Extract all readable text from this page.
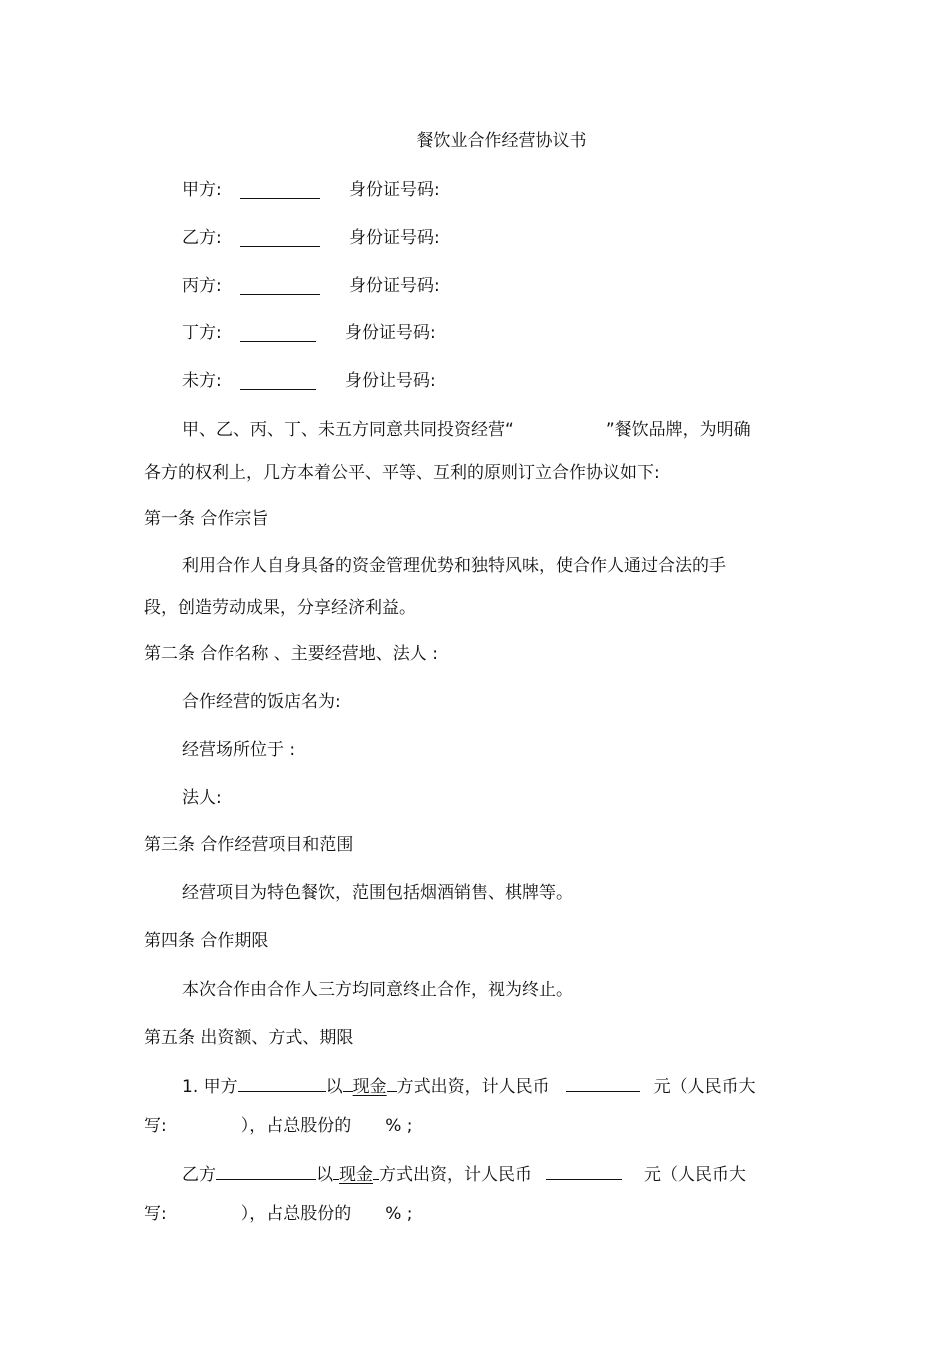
餐饮业合作经营协议书
甲方:	身份证号码:
乙方:	身份证号码:
丙方:	身份证号码:
丁方:	身份证号码:
未方:	身份让号码:
甲、乙、丙、丁、未五方同意共同投资经营“	”餐饮品牌，为明确
各方的权利上，几方本着公平、平等、互利的原则订立合作协议如下:
第一条 合作宗旨
利用合作人自身具备的资金管理优势和独特风味，使合作人通过合法的手
段，创造劳动成果，分享经济利益。
第二条 合作名称 、主要经营地、法人 :
合作经营的饭店名为:
经营场所位于 :
法人:
第三条 合作经营项目和范围
经营项目为特色餐饮，范围包括烟酒销售、棋牌等。
第四条 合作期限
本次合作由合作人三方均同意终止合作，视为终止。
第五条 出资额、方式、期限
1. 甲方	以 现金 方式出资，计人民币	元（人民币大
写:	），占总股份的 % ;
乙方	以 现金 方式出资，计人民币	元（人民币大
写:	），占总股份的 % ;
